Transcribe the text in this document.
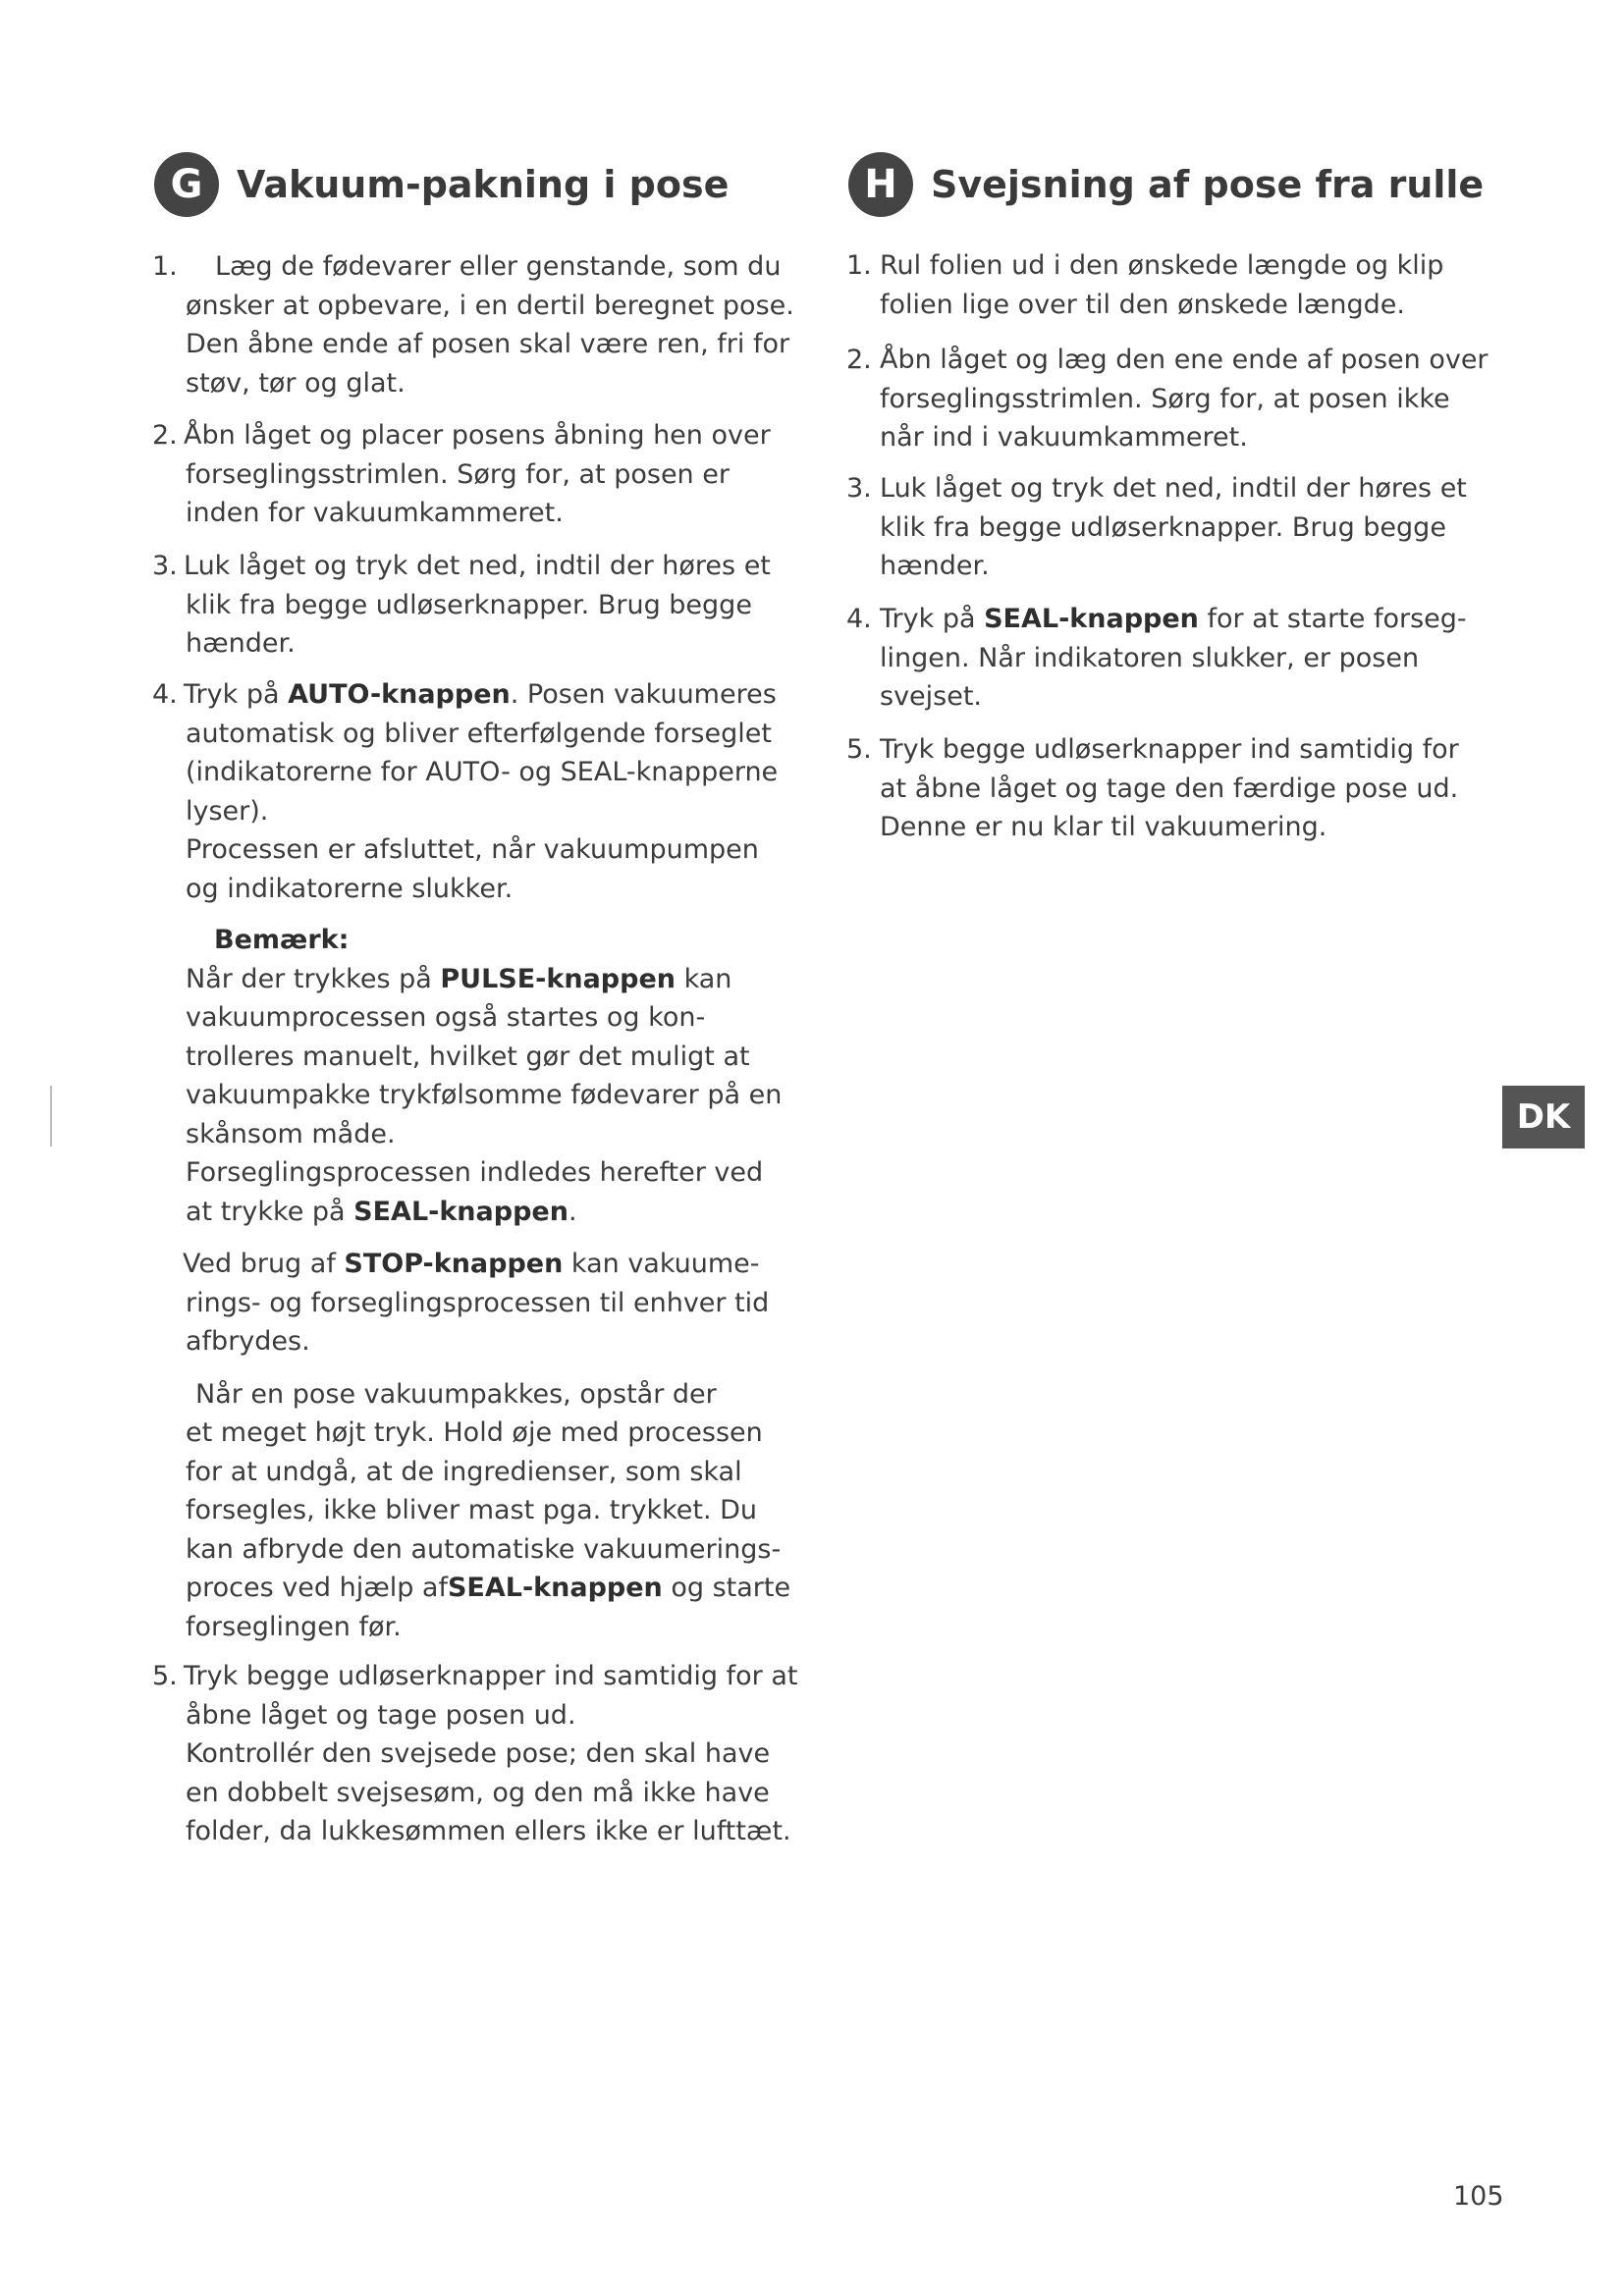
G Vakuum-pakning i pose	H Svejsning af pose fra rulle
1.	Læg de fødevarer eller genstande, som du
ønsker at opbevare, i en dertil beregnet pose.
Den åbne ende af posen skal være ren, fri for
støv, tør og glat.
2. Åbn låget og placer posens åbning hen over
forseglingsstrimlen. Sørg for, at posen er
inden for vakuumkammeret.
3. Luk låget og tryk det ned, indtil der høres et
klik fra begge udløserknapper. Brug begge
hænder.
4. Tryk på AUTO-knappen. Posen vakuumeres
automatisk og bliver efterfølgende forseglet
(indikatorerne for AUTO- og SEAL-knapperne
lyser).
Processen er afsluttet, når vakuumpumpen
og indikatorerne slukker.
Bemærk:
Når der trykkes på PULSE-knappen kan
vakuumprocessen også startes og kon-
trolleres manuelt, hvilket gør det muligt at
vakuumpakke trykfølsomme fødevarer på en
skånsom måde.
Forseglingsprocessen indledes herefter ved
at trykke på SEAL-knappen.
Ved brug af STOP-knappen kan vakuume-
rings- og forseglingsprocessen til enhver tid
afbrydes.
Når en pose vakuumpakkes, opstår der
et meget højt tryk. Hold øje med processen
for at undgå, at de ingredienser, som skal
forsegles, ikke bliver mast pga. trykket. Du
kan afbryde den automatiske vakuumerings-
proces ved hjælp afSEAL-knappen og starte
forseglingen før.
5. Tryk begge udløserknapper ind samtidig for at
åbne låget og tage posen ud.
Kontrollér den svejsede pose; den skal have
en dobbelt svejsesøm, og den må ikke have
folder, da lukkesømmen ellers ikke er lufttæt.
1. Rul folien ud i den ønskede længde og klip
folien lige over til den ønskede længde.
2. Åbn låget og læg den ene ende af posen over
forseglingsstrimlen. Sørg for, at posen ikke
når ind i vakuumkammeret.
3. Luk låget og tryk det ned, indtil der høres et
klik fra begge udløserknapper. Brug begge
hænder.
4. Tryk på SEAL-knappen for at starte forseg-
lingen. Når indikatoren slukker, er posen
svejset.
5. Tryk begge udløserknapper ind samtidig for
at åbne låget og tage den færdige pose ud.
Denne er nu klar til vakuumering.
DK
105
